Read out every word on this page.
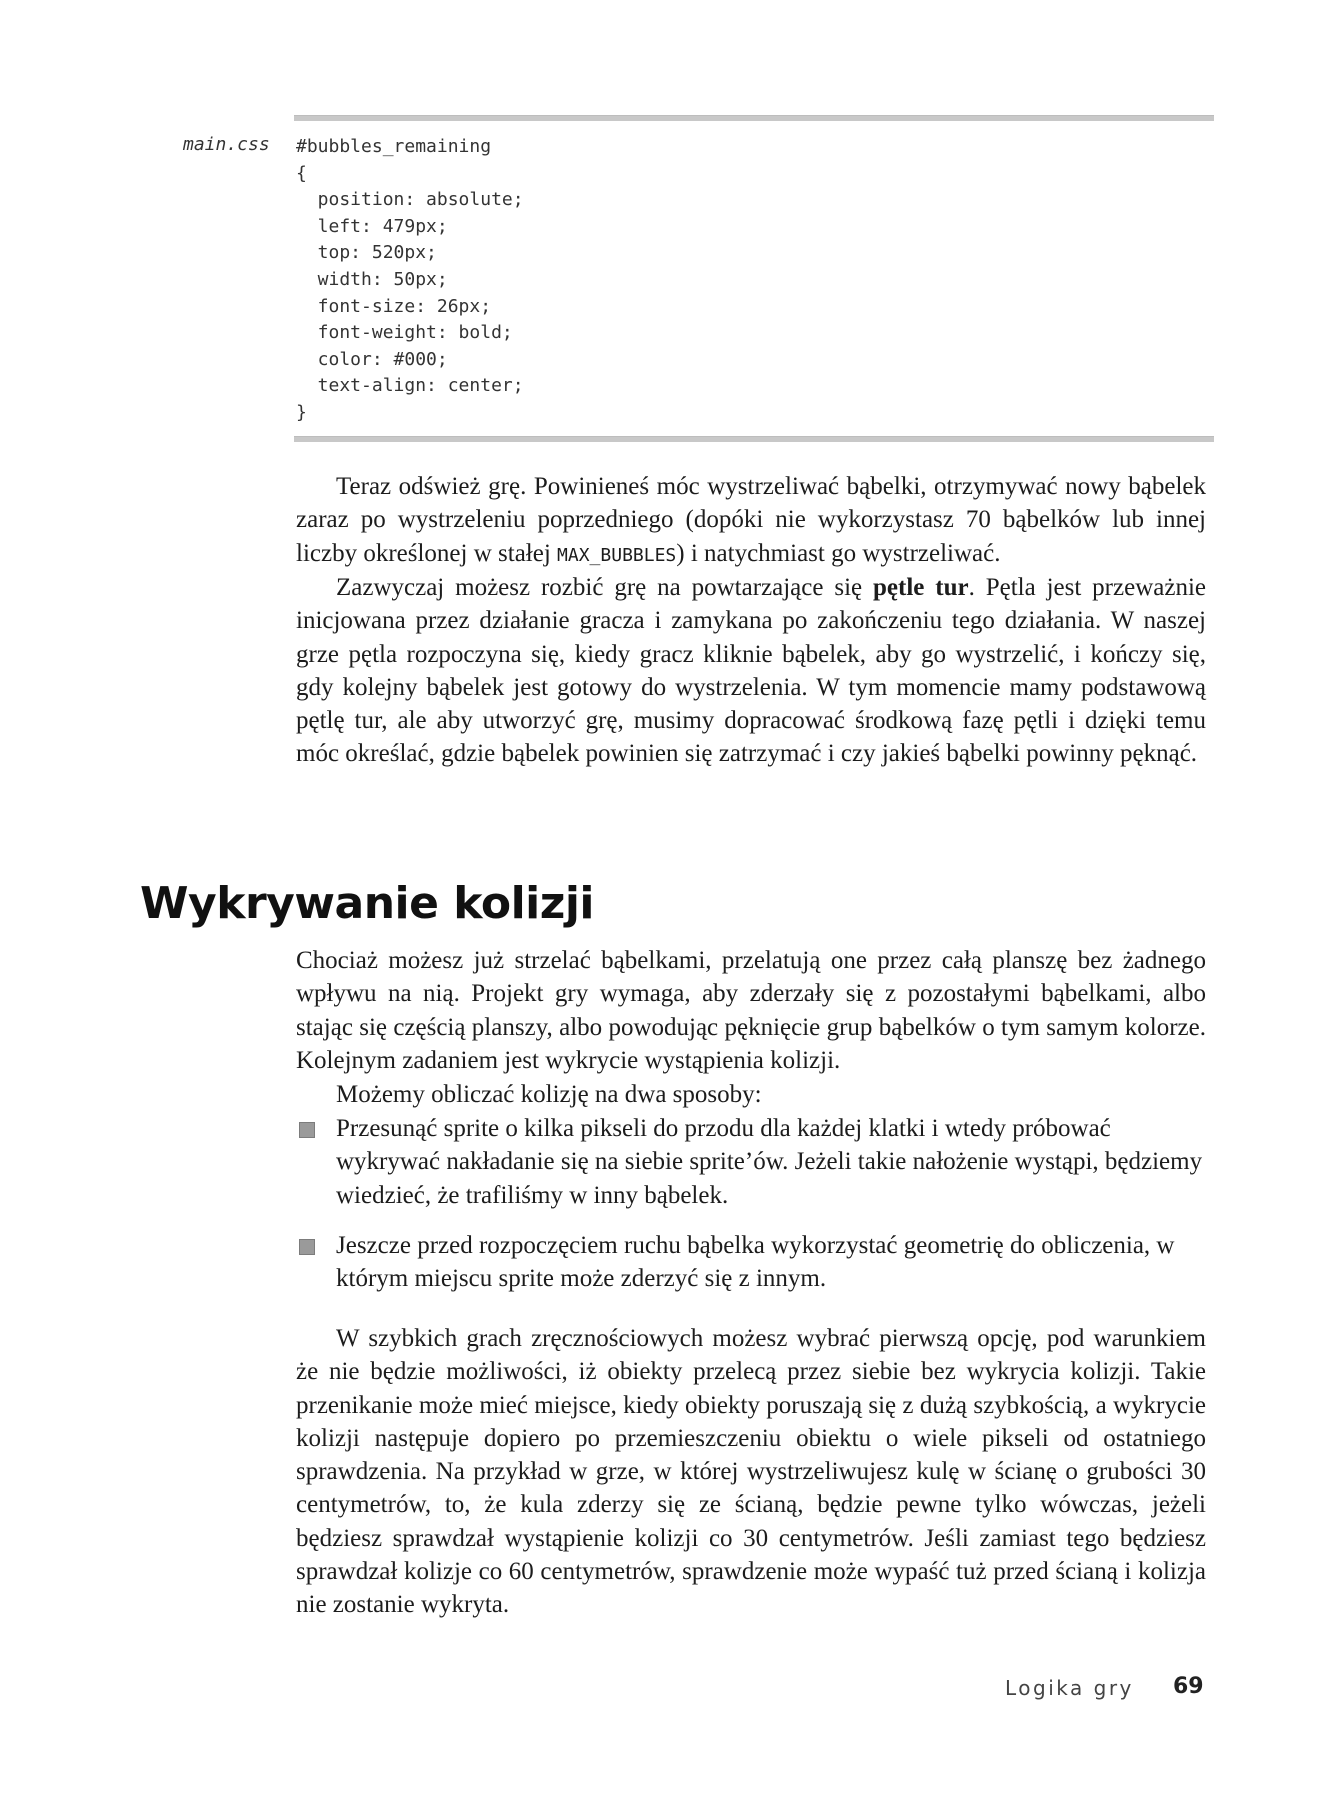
main.css #bubbles_remaining
{
position: absolute;
left: 479px;
top: 520px;
width: 50px;
font-size: 26px;
font-weight: bold;
color: #000;
text-align: center;
}

Teraz odśwież grę. Powinieneś móc wystrzeliwać bąbelki, otrzymywać nowy bąbelek zaraz po wystrzeleniu poprzedniego (dopóki nie wykorzystasz 70 bąbelków lub innej liczby określonej w stałej MAX_BUBBLES) i natychmiast go wystrzeliwać.

Zazwyczaj możesz rozbić grę na powtarzające się pętle tur. Pętla jest przeważnie inicjowana przez działanie gracza i zamykana po zakończeniu tego działania. W naszej grze pętla rozpoczyna się, kiedy gracz kliknie bąbelek, aby go wystrzelić, i kończy się, gdy kolejny bąbelek jest gotowy do wystrzelenia. W tym momencie mamy podstawową pętlę tur, ale aby utworzyć grę, musimy dopracować środkową fazę pętli i dzięki temu móc określać, gdzie bąbelek powinien się zatrzymać i czy jakieś bąbelki powinny pęknąć.

Wykrywanie kolizji

Chociaż możesz już strzelać bąbelkami, przelatują one przez całą planszę bez żadnego wpływu na nią. Projekt gry wymaga, aby zderzały się z pozostałymi bąbelkami, albo stając się częścią planszy, albo powodując pęknięcie grup bąbelków o tym samym kolorze. Kolejnym zadaniem jest wykrycie wystąpienia kolizji.

Możemy obliczać kolizję na dwa sposoby:

Przesunąć sprite o kilka pikseli do przodu dla każdej klatki i wtedy próbować wykrywać nakładanie się na siebie sprite’ów. Jeżeli takie nałożenie wystąpi, będziemy wiedzieć, że trafiliśmy w inny bąbelek.

Jeszcze przed rozpoczęciem ruchu bąbelka wykorzystać geometrię do obliczenia, w którym miejscu sprite może zderzyć się z innym.

W szybkich grach zręcznościowych możesz wybrać pierwszą opcję, pod warunkiem że nie będzie możliwości, iż obiekty przelecą przez siebie bez wykrycia kolizji. Takie przenikanie może mieć miejsce, kiedy obiekty poruszają się z dużą szybkością, a wykrycie kolizji następuje dopiero po przemieszczeniu obiektu o wiele pikseli od ostatniego sprawdzenia. Na przykład w grze, w której wystrzeliwujesz kulę w ścianę o grubości 30 centymetrów, to, że kula zderzy się ze ścianą, będzie pewne tylko wówczas, jeżeli będziesz sprawdzał wystąpienie kolizji co 30 centymetrów. Jeśli zamiast tego będziesz sprawdzał kolizje co 60 centymetrów, sprawdzenie może wypaść tuż przed ścianą i kolizja nie zostanie wykryta.

Logika gry 69
